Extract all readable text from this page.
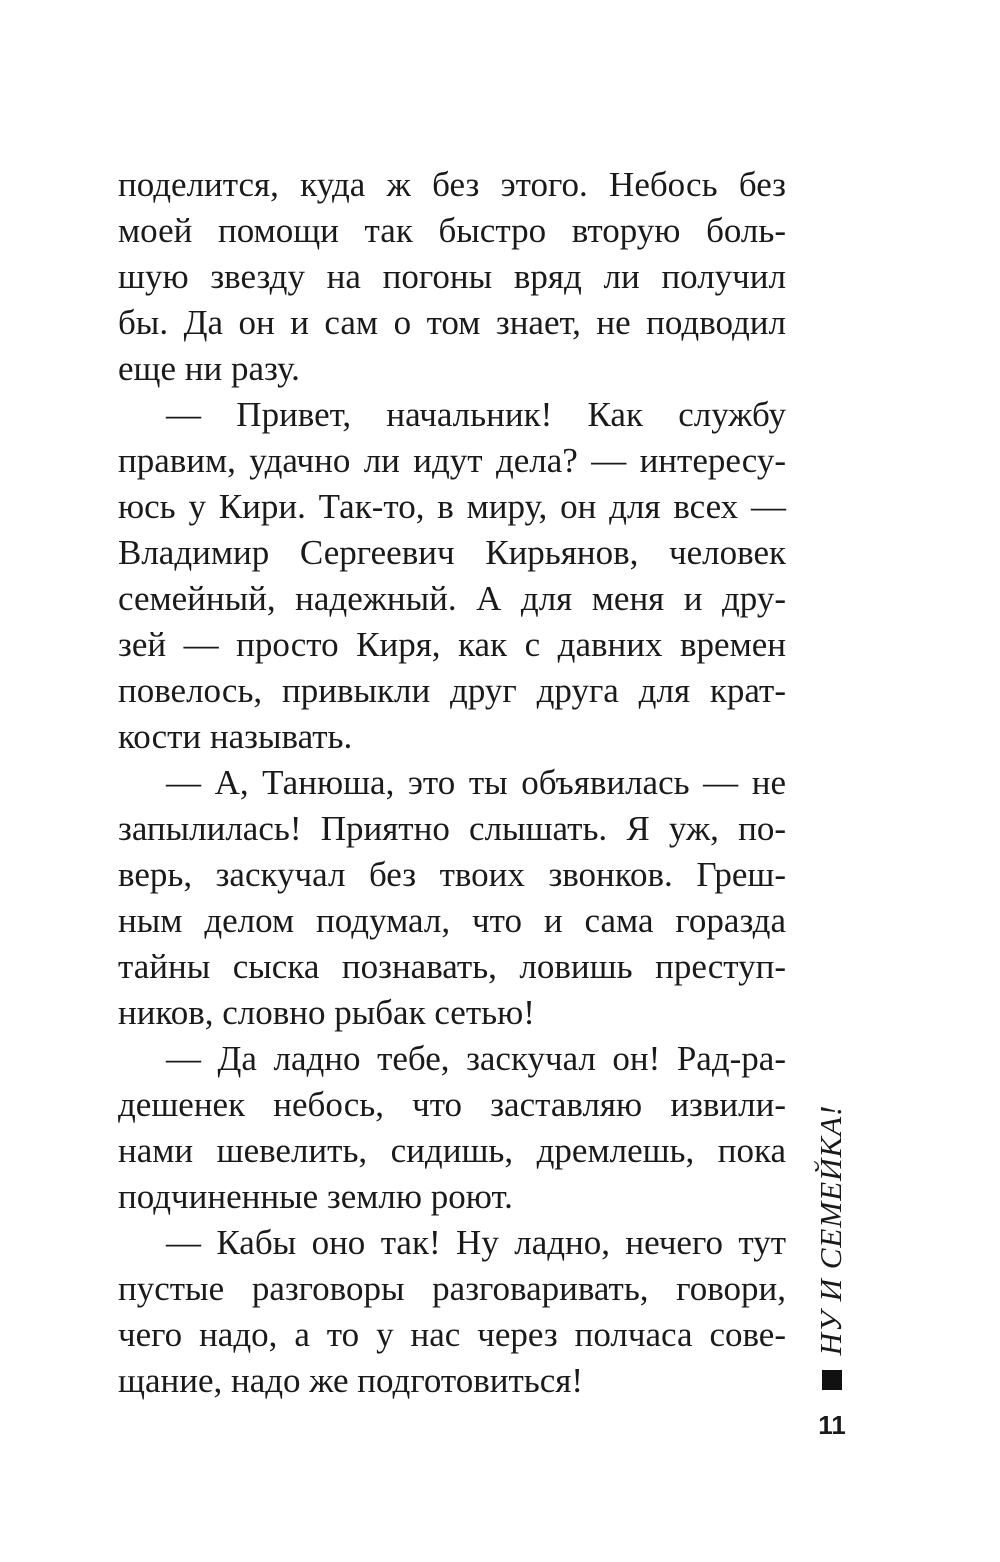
поделится, куда ж без этого. Небось без
моей помощи так быстро вторую боль-
шую звезду на погоны вряд ли получил
бы. Да он и сам о том знает, не подводил
еще ни разу.
— Привет, начальник! Как службу
правим, удачно ли идут дела? — интересу-
юсь у Кири. Так-то, в миру, он для всех —
Владимир Сергеевич Кирьянов, человек
семейный, надежный. А для меня и дру-
зей — просто Киря, как с давних времен
повелось, привыкли друг друга для крат-
кости называть.
— А, Танюша, это ты объявилась — не
запылилась! Приятно слышать. Я уж, по-
верь, заскучал без твоих звонков. Греш-
ным делом подумал, что и сама горазда
тайны сыска познавать, ловишь преступ-
ников, словно рыбак сетью!
— Да ладно тебе, заскучал он! Рад-ра-
дешенек небось, что заставляю извили-
нами шевелить, сидишь, дремлешь, пока
подчиненные землю роют.
— Кабы оно так! Ну ладно, нечего тут
пустые разговоры разговаривать, говори,
чего надо, а то у нас через полчаса сове-
щание, надо же подготовиться!
НУ И СЕМЕЙКА!
11
